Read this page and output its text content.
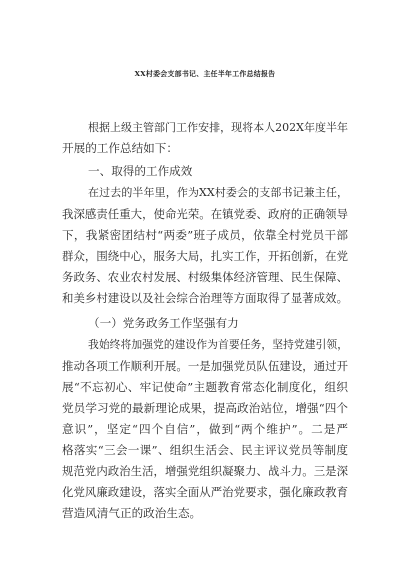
XX村委会支部书记、主任半年工作总结报告
根据上级主管部门工作安排，现将本人202X年度半年
开展的工作总结如下：
一、取得的工作成效
在过去的半年里，作为XX村委会的支部书记兼主任，
我深感责任重大，使命光荣。在镇党委、政府的正确领导
下，我紧密团结村“两委”班子成员，依靠全村党员干部
群众，围绕中心，服务大局，扎实工作，开拓创新，在党
务政务、农业农村发展、村级集体经济管理、民生保障、
和美乡村建设以及社会综合治理等方面取得了显著成效。
（一）党务政务工作坚强有力
我始终将加强党的建设作为首要任务，坚持党建引领，
推动各项工作顺利开展。一是加强党员队伍建设，通过开
展“不忘初心、牢记使命”主题教育常态化制度化，组织
党员学习党的最新理论成果，提高政治站位，增强“四个
意识”，坚定“四个自信”，做到“两个维护”。二是严
格落实“三会一课”、组织生活会、民主评议党员等制度
规范党内政治生活，增强党组织凝聚力、战斗力。三是深
化党风廉政建设，落实全面从严治党要求，强化廉政教育
营造风清气正的政治生态。
